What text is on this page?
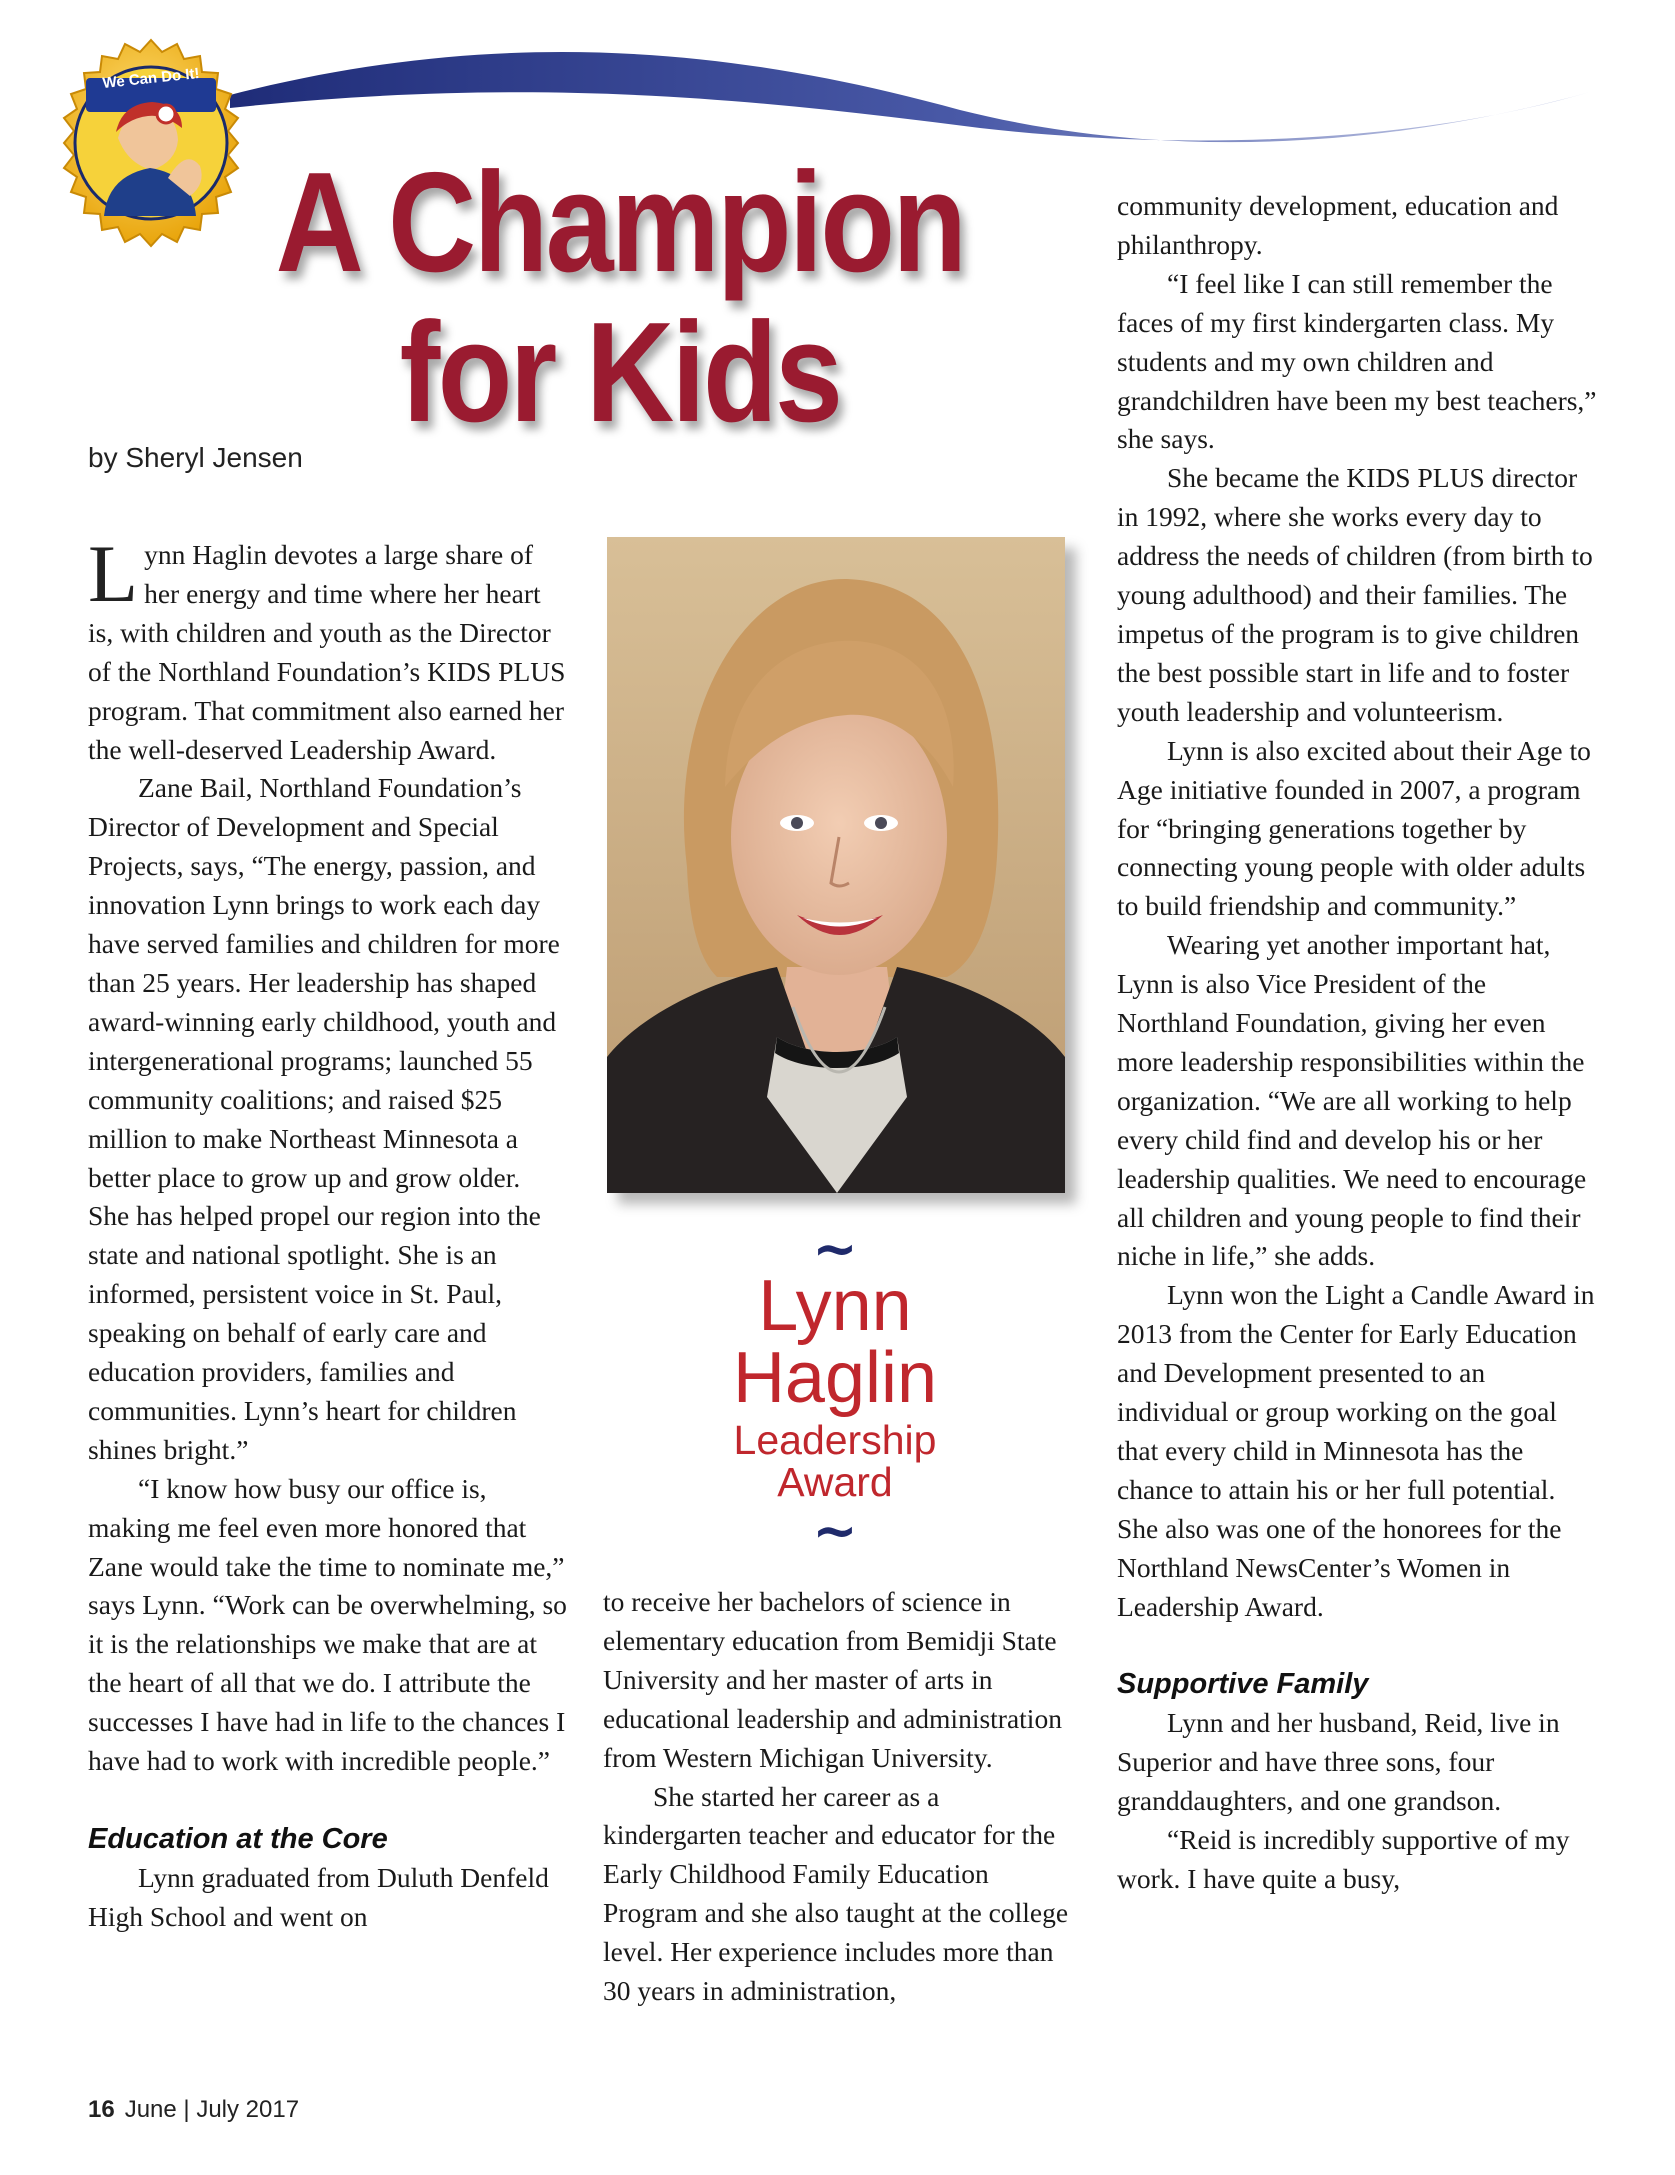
We Can Do It!
A Champion
for Kids
by Sheryl Jensen

Lynn Haglin devotes a large share of her energy and time where her heart is, with children and youth as the Director of the Northland Foundation’s KIDS PLUS program. That commitment also earned her the well-deserved Leadership Award.

Zane Bail, Northland Foundation’s Director of Development and Special Projects, says, “The energy, passion, and innovation Lynn brings to work each day have served families and children for more than 25 years. Her leadership has shaped award-winning early childhood, youth and intergenerational programs; launched 55 community coalitions; and raised $25 million to make Northeast Minnesota a better place to grow up and grow older. She has helped propel our region into the state and national spotlight. She is an informed, persistent voice in St. Paul, speaking on behalf of early care and education providers, families and communities. Lynn’s heart for children shines bright.”

“I know how busy our office is, making me feel even more honored that Zane would take the time to nominate me,” says Lynn. “Work can be overwhelming, so it is the relationships we make that are at the heart of all that we do. I attribute the successes I have had in life to the chances I have had to work with incredible people.”

Education at the Core

Lynn graduated from Duluth Denfeld High School and went on

~
Lynn
Haglin
Leadership
Award
~

to receive her bachelors of science in elementary education from Bemidji State University and her master of arts in educational leadership and administration from Western Michigan University.

She started her career as a kindergarten teacher and educator for the Early Childhood Family Education Program and she also taught at the college level. Her experience includes more than 30 years in administration,

community development, education and philanthropy.

“I feel like I can still remember the faces of my first kindergarten class. My students and my own children and grandchildren have been my best teachers,” she says.

She became the KIDS PLUS director in 1992, where she works every day to address the needs of children (from birth to young adulthood) and their families. The impetus of the program is to give children the best possible start in life and to foster youth leadership and volunteerism.

Lynn is also excited about their Age to Age initiative founded in 2007, a program for “bringing generations together by connecting young people with older adults to build friendship and community.”

Wearing yet another important hat, Lynn is also Vice President of the Northland Foundation, giving her even more leadership responsibilities within the organization. “We are all working to help every child find and develop his or her leadership qualities. We need to encourage all children and young people to find their niche in life,” she adds.

Lynn won the Light a Candle Award in 2013 from the Center for Early Education and Development presented to an individual or group working on the goal that every child in Minnesota has the chance to attain his or her full potential. She also was one of the honorees for the Northland NewsCenter’s Women in Leadership Award.

Supportive Family

Lynn and her husband, Reid, live in Superior and have three sons, four granddaughters, and one grandson.

“Reid is incredibly supportive of my work. I have quite a busy,

16 June | July 2017
